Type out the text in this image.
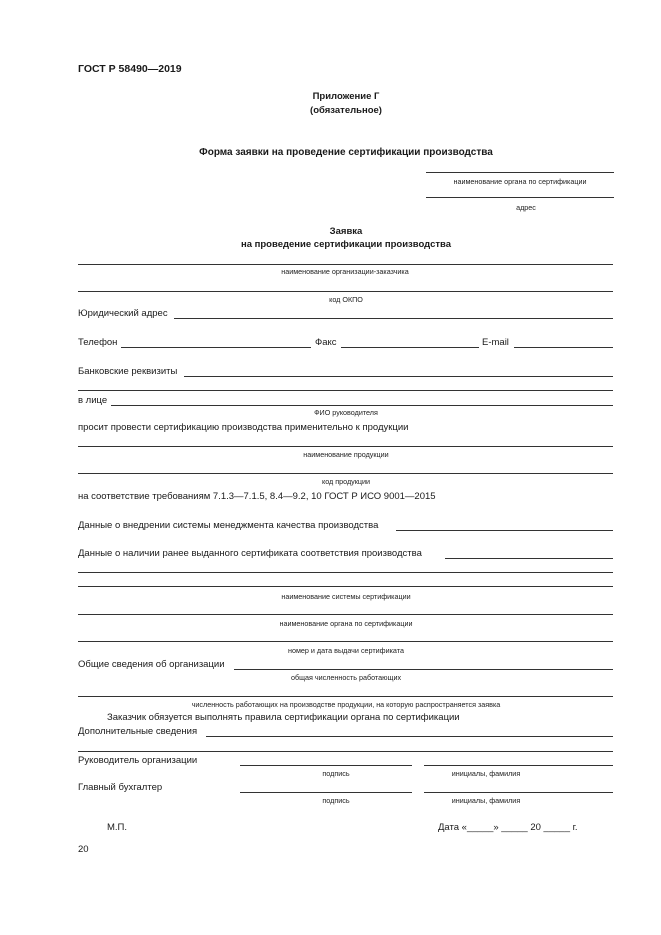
ГОСТ Р 58490—2019
Приложение Г
(обязательное)
Форма заявки на проведение сертификации производства
наименование органа по сертификации
адрес
Заявка
на проведение сертификации производства
наименование организации-заказчика
код ОКПО
Юридический адрес
Телефон	Факс	E-mail
Банковские реквизиты
в лице
ФИО руководителя
просит провести сертификацию производства применительно к продукции
наименование продукции
код продукции
на соответствие требованиям 7.1.3—7.1.5, 8.4—9.2, 10 ГОСТ Р ИСО 9001—2015
Данные о внедрении системы менеджмента качества производства
Данные о наличии ранее выданного сертификата соответствия производства
наименование системы сертификации
наименование органа по сертификации
номер и дата выдачи сертификата
Общие сведения об организации
общая численность работающих
численность работающих на производстве продукции, на которую распространяется заявка
Заказчик обязуется выполнять правила сертификации органа по сертификации
Дополнительные сведения
Руководитель организации
подпись	инициалы, фамилия
Главный бухгалтер
подпись	инициалы, фамилия
М.П.	Дата «_____» _____ 20 _____ г.
20
